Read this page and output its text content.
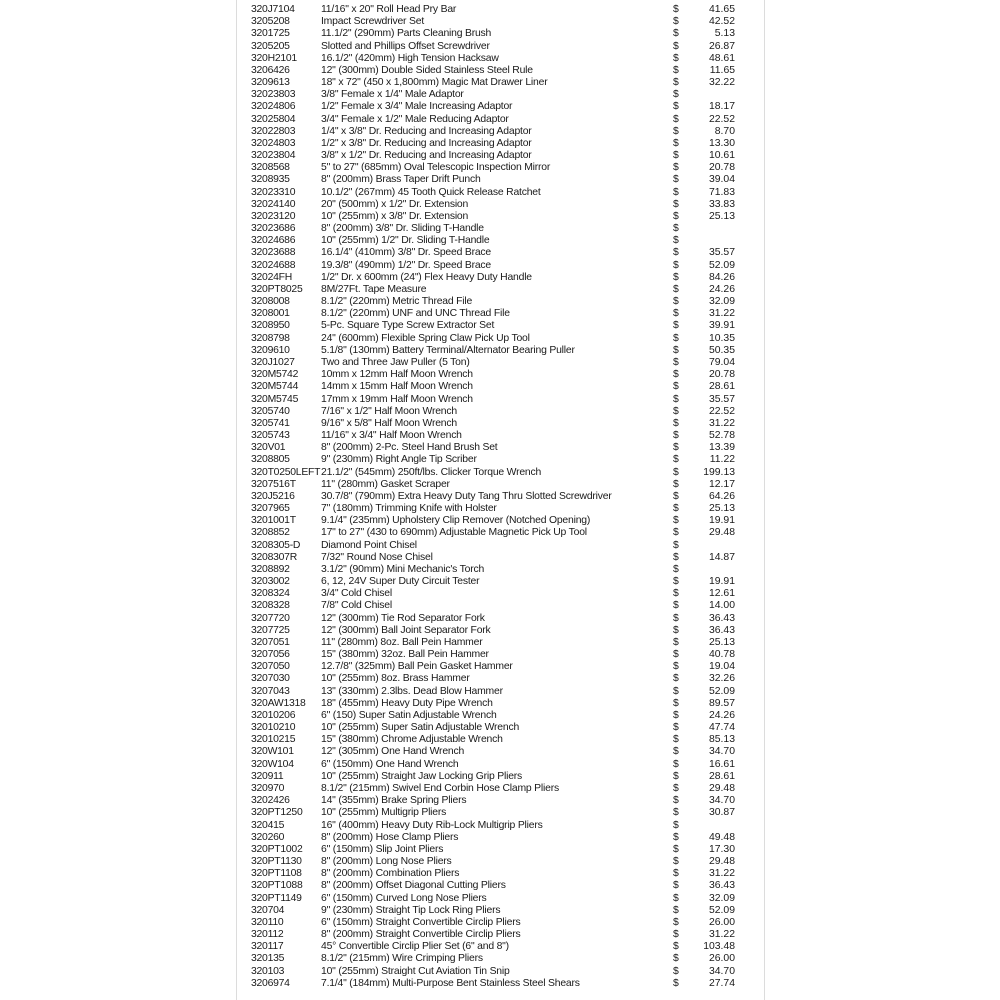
320J7104	11/16" x 20" Roll Head Pry Bar	$	41.65
3205208	Impact Screwdriver Set	$	42.52
3201725	11.1/2" (290mm) Parts Cleaning Brush	$	5.13
3205205	Slotted and Phillips Offset Screwdriver	$	26.87
320H2101 16.1/2" (420mm) High Tension Hacksaw	$	48.61
3206426	12" (300mm) Double Sided Stainless Steel Rule	$	11.65
3209613	18" x 72" (450 x 1,800mm) Magic Mat Drawer Liner	$	32.22
32023803 3/8" Female x 1/4" Male Adaptor	$
32024806 1/2" Female x 3/4" Male Increasing Adaptor	$	18.17
32025804 3/4" Female x 1/2" Male Reducing Adaptor	$	22.52
32022803 1/4" x 3/8" Dr. Reducing and Increasing Adaptor	$	8.70
32024803 1/2" x 3/8" Dr. Reducing and Increasing Adaptor	$	13.30
32023804 3/8" x 1/2" Dr. Reducing and Increasing Adaptor	$	10.61
3208568	5" to 27" (685mm) Oval Telescopic Inspection Mirror	$	20.78
3208935	8" (200mm) Brass Taper Drift Punch	$	39.04
32023310 10.1/2" (267mm) 45 Tooth Quick Release Ratchet	$	71.83
32024140 20" (500mm) x 1/2" Dr. Extension	$	33.83
32023120 10" (255mm) x 3/8" Dr. Extension	$	25.13
32023686 8" (200mm) 3/8" Dr. Sliding T-Handle	$
32024686 10" (255mm) 1/2" Dr. Sliding T-Handle	$
32023688 16.1/4" (410mm) 3/8" Dr. Speed Brace	$	35.57
32024688 19.3/8" (490mm) 1/2" Dr. Speed Brace	$	52.09
32024FH	1/2" Dr. x 600mm (24") Flex Heavy Duty Handle	$	84.26
320PT8025 8M/27Ft. Tape Measure	$	24.26
3208008	8.1/2" (220mm) Metric Thread File	$	32.09
3208001	8.1/2" (220mm) UNF and UNC Thread File	$	31.22
3208950	5-Pc. Square Type Screw Extractor Set	$	39.91
3208798	24" (600mm) Flexible Spring Claw Pick Up Tool	$	10.35
3209610	5.1/8" (130mm) Battery Terminal/Alternator Bearing Puller	$	50.35
320J1027	Two and Three Jaw Puller (5 Ton)	$	79.04
320M5742 10mm x 12mm Half Moon Wrench	$	20.78
320M5744 14mm x 15mm Half Moon Wrench	$	28.61
320M5745 17mm x 19mm Half Moon Wrench	$	35.57
3205740	7/16" x 1/2" Half Moon Wrench	$	22.52
3205741	9/16" x 5/8" Half Moon Wrench	$	31.22
3205743	11/16" x 3/4" Half Moon Wrench	$	52.78
320V01	8" (200mm) 2-Pc. Steel Hand Brush Set	$	13.39
3208805	9" (230mm) Right Angle Tip Scriber	$	11.22
320T0250LEFT 21.1/2" (545mm) 250ft/lbs. Clicker Torque Wrench	$ 199.13
3207516T 11" (280mm) Gasket Scraper	$	12.17
320J5216	30.7/8" (790mm) Extra Heavy Duty Tang Thru Slotted Screwdriver	$	64.26
3207965	7" (180mm) Trimming Knife with Holster	$	25.13
3201001T 9.1/4" (235mm) Upholstery Clip Remover (Notched Opening)	$	19.91
3208852	17" to 27" (430 to 690mm) Adjustable Magnetic Pick Up Tool	$	29.48
3208305-D Diamond Point Chisel	$
3208307R 7/32" Round Nose Chisel	$	14.87
3208892	3.1/2" (90mm) Mini Mechanic's Torch	$
3203002	6, 12, 24V Super Duty Circuit Tester	$	19.91
3208324	3/4" Cold Chisel	$	12.61
3208328	7/8" Cold Chisel	$	14.00
3207720	12" (300mm) Tie Rod Separator Fork	$	36.43
3207725	12" (300mm) Ball Joint Separator Fork	$	36.43
3207051	11" (280mm) 8oz. Ball Pein Hammer	$	25.13
3207056	15" (380mm) 32oz. Ball Pein Hammer	$	40.78
3207050	12.7/8" (325mm) Ball Pein Gasket Hammer	$	19.04
3207030	10" (255mm) 8oz. Brass Hammer	$	32.26
3207043	13" (330mm) 2.3lbs. Dead Blow Hammer	$	52.09
320AW1318 18" (455mm) Heavy Duty Pipe Wrench	$	89.57
32010206 6" (150) Super Satin Adjustable Wrench	$	24.26
32010210 10" (255mm) Super Satin Adjustable Wrench	$	47.74
32010215 15" (380mm) Chrome Adjustable Wrench	$	85.13
320W101	12" (305mm) One Hand Wrench	$	34.70
320W104	6" (150mm) One Hand Wrench	$	16.61
320911	10" (255mm) Straight Jaw Locking Grip Pliers	$	28.61
320970	8.1/2" (215mm) Swivel End Corbin Hose Clamp Pliers	$	29.48
3202426	14" (355mm) Brake Spring Pliers	$	34.70
320PT1250 10" (255mm) Multigrip Pliers	$	30.87
320415	16" (400mm) Heavy Duty Rib-Lock Multigrip Pliers	$
320260	8" (200mm) Hose Clamp Pliers	$	49.48
320PT1002 6" (150mm) Slip Joint Pliers	$	17.30
320PT1130 8" (200mm) Long Nose Pliers	$	29.48
320PT1108 8" (200mm) Combination Pliers	$	31.22
320PT1088 8" (200mm) Offset Diagonal Cutting Pliers	$	36.43
320PT1149 6" (150mm) Curved Long Nose Pliers	$	32.09
320704	9" (230mm) Straight Tip Lock Ring Pliers	$	52.09
320110	6" (150mm) Straight Convertible Circlip Pliers	$	26.00
320112	8" (200mm) Straight Convertible Circlip Pliers	$	31.22
320117	45° Convertible Circlip Plier Set (6" and 8")	$ 103.48
320135	8.1/2" (215mm) Wire Crimping Pliers	$	26.00
320103	10" (255mm) Straight Cut Aviation Tin Snip	$	34.70
3206974	7.1/4" (184mm) Multi-Purpose Bent Stainless Steel Shears	$	27.74
